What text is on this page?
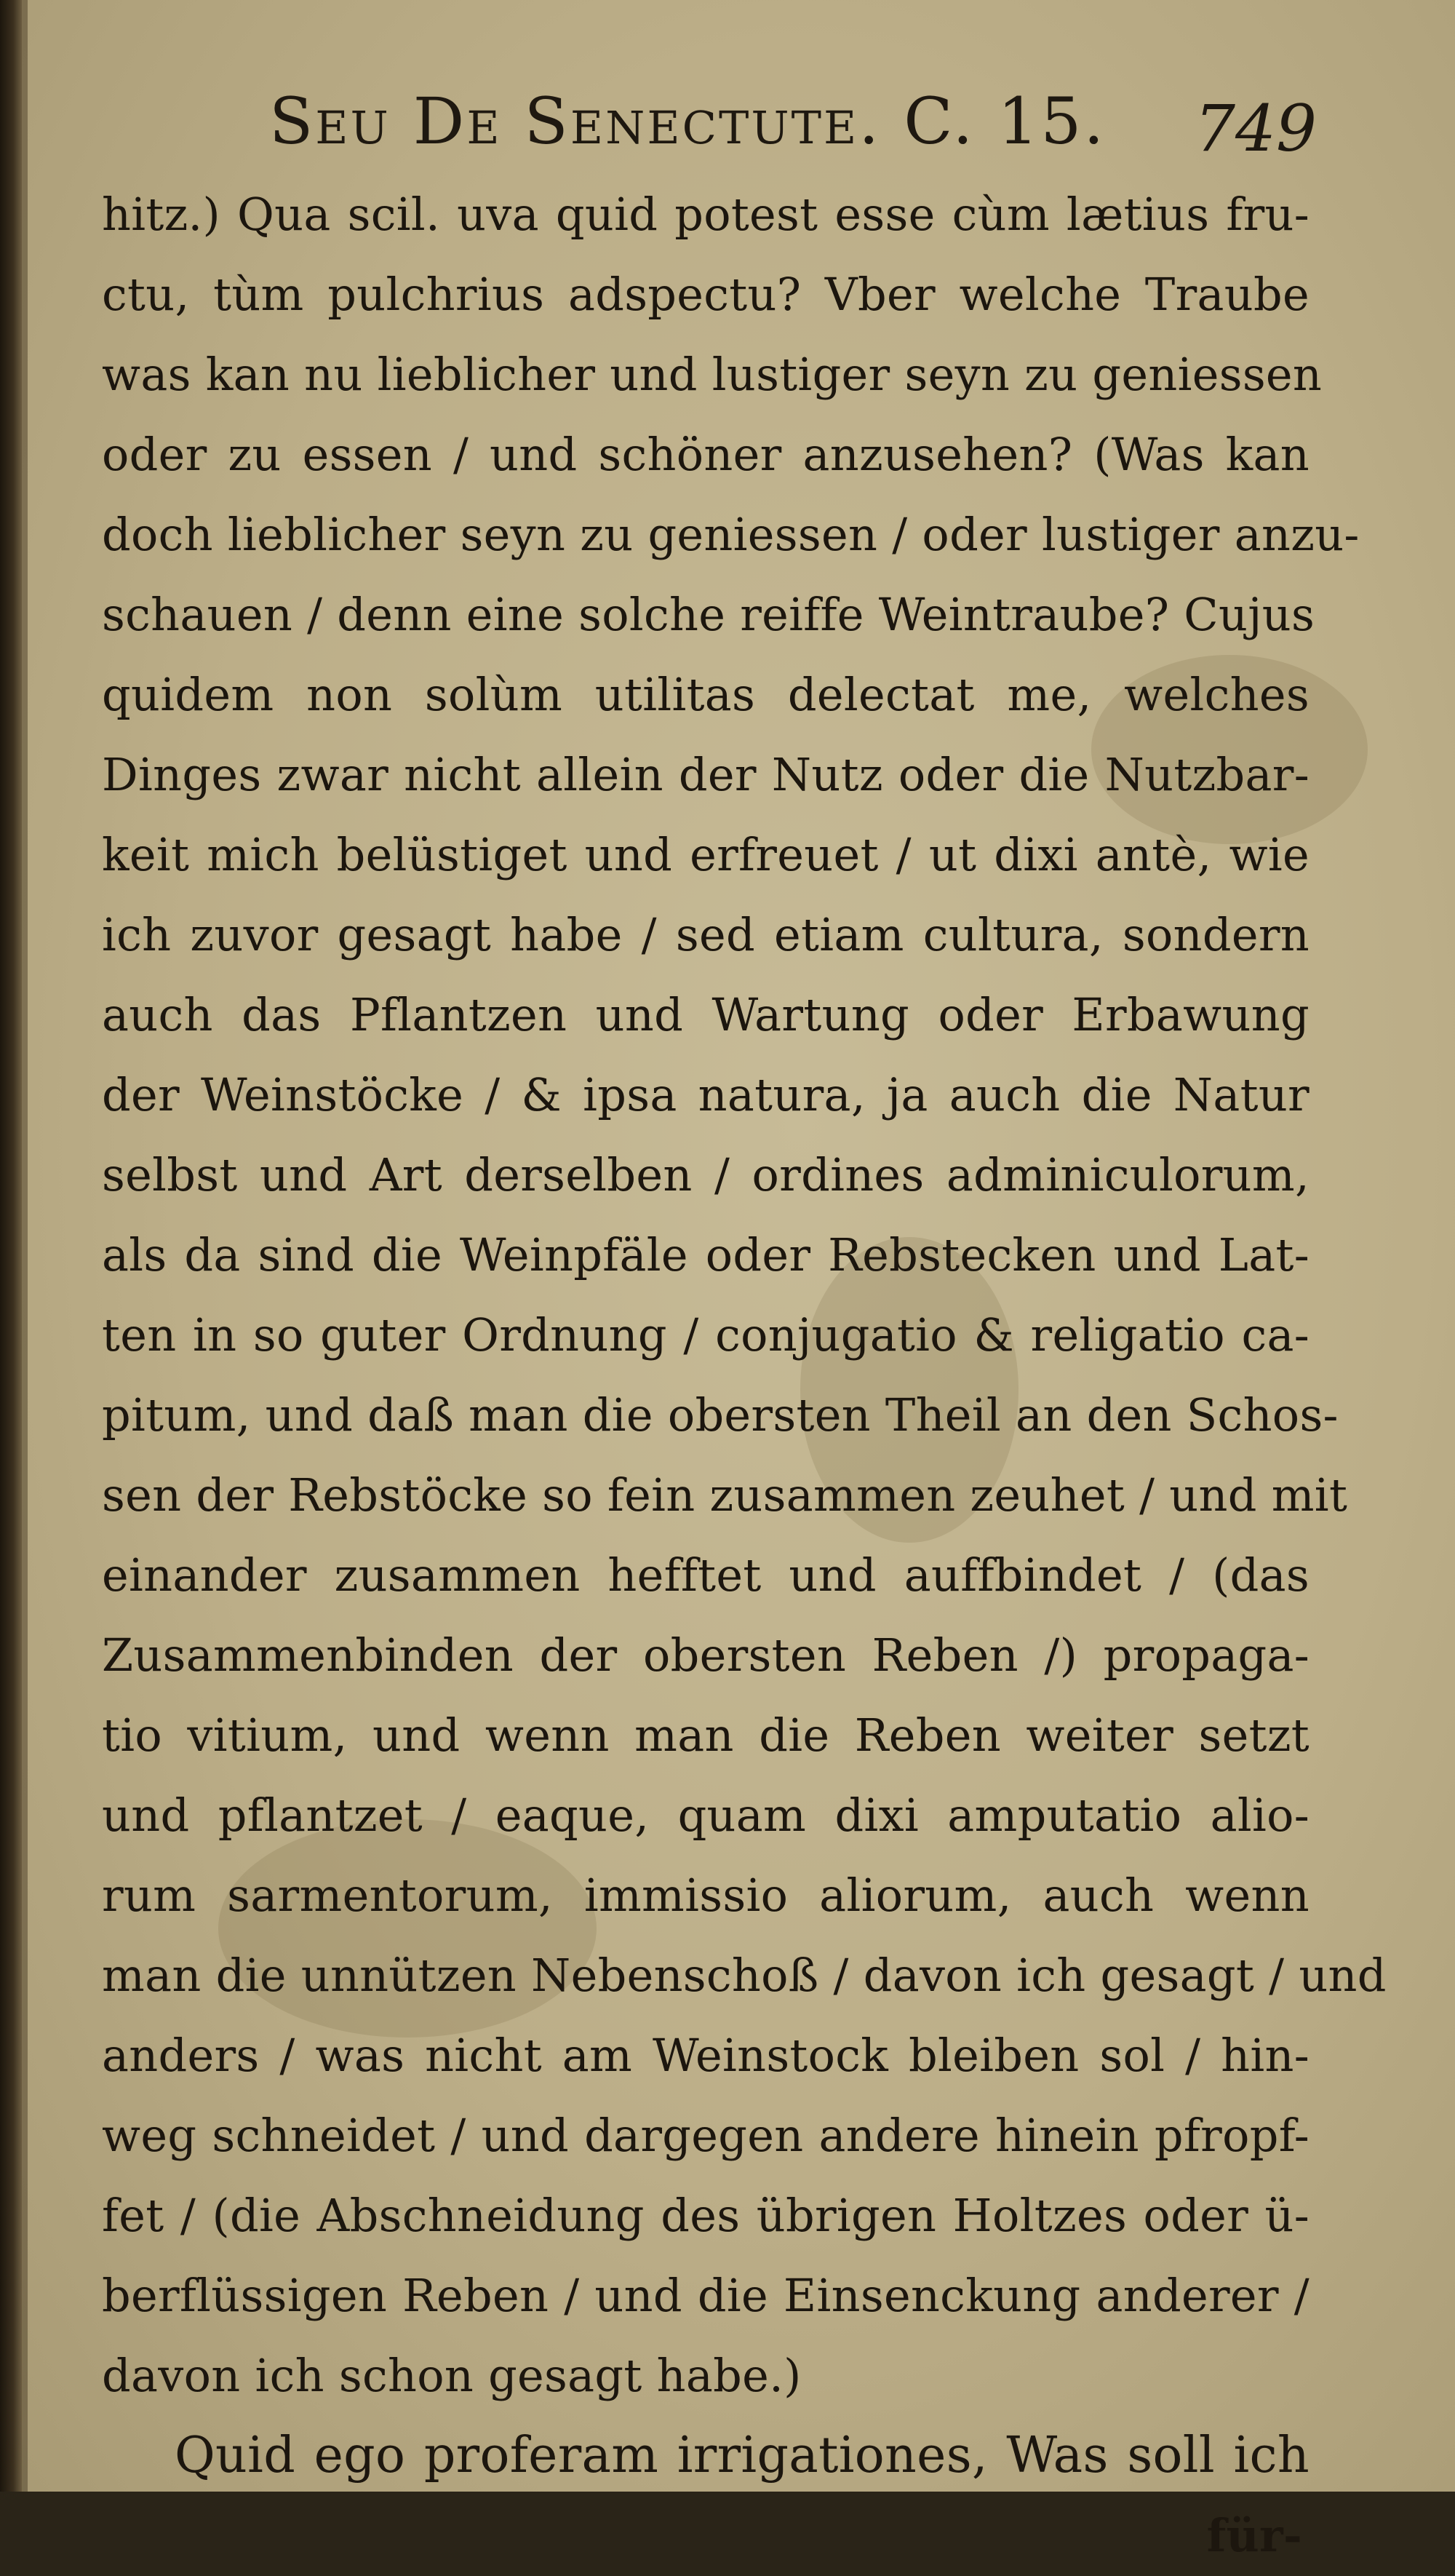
Seu De Senectute. C. 15. 749
hitz.) Qua scil. uva quid potest esse cùm lætius fru-
ctu, tùm pulchrius adspectu? Vber welche Traube
was kan nu lieblicher und lustiger seyn zu geniessen
oder zu essen / und schöner anzusehen? (Was kan
doch lieblicher seyn zu geniessen / oder lustiger anzu-
schauen / denn eine solche reiffe Weintraube? Cujus
quidem non solùm utilitas delectat me, welches
Dinges zwar nicht allein der Nutz oder die Nutzbar-
keit mich belüstiget und erfreuet / ut dixi antè, wie
ich zuvor gesagt habe / sed etiam cultura, sondern
auch das Pflantzen und Wartung oder Erbawung
der Weinstöcke / & ipsa natura, ja auch die Natur
selbst und Art derselben / ordines adminiculorum,
als da sind die Weinpfäle oder Rebstecken und Lat-
ten in so guter Ordnung / conjugatio & religatio ca-
pitum, und daß man die obersten Theil an den Schos-
sen der Rebstöcke so fein zusammen zeuhet / und mit
einander zusammen hefftet und auffbindet / (das
Zusammenbinden der obersten Reben /) propaga-
tio vitium, und wenn man die Reben weiter setzt
und pflantzet / eaque, quam dixi amputatio alio-
rum sarmentorum, immissio aliorum, auch wenn
man die unnützen Nebenschoß / davon ich gesagt / und
anders / was nicht am Weinstock bleiben sol / hin-
weg schneidet / und dargegen andere hinein pfropf-
fet / (die Abschneidung des übrigen Holtzes oder ü-
berflüssigen Reben / und die Einsenckung anderer /
davon ich schon gesagt habe.)
Quid ego proferam irrigationes, Was soll ich
für-
